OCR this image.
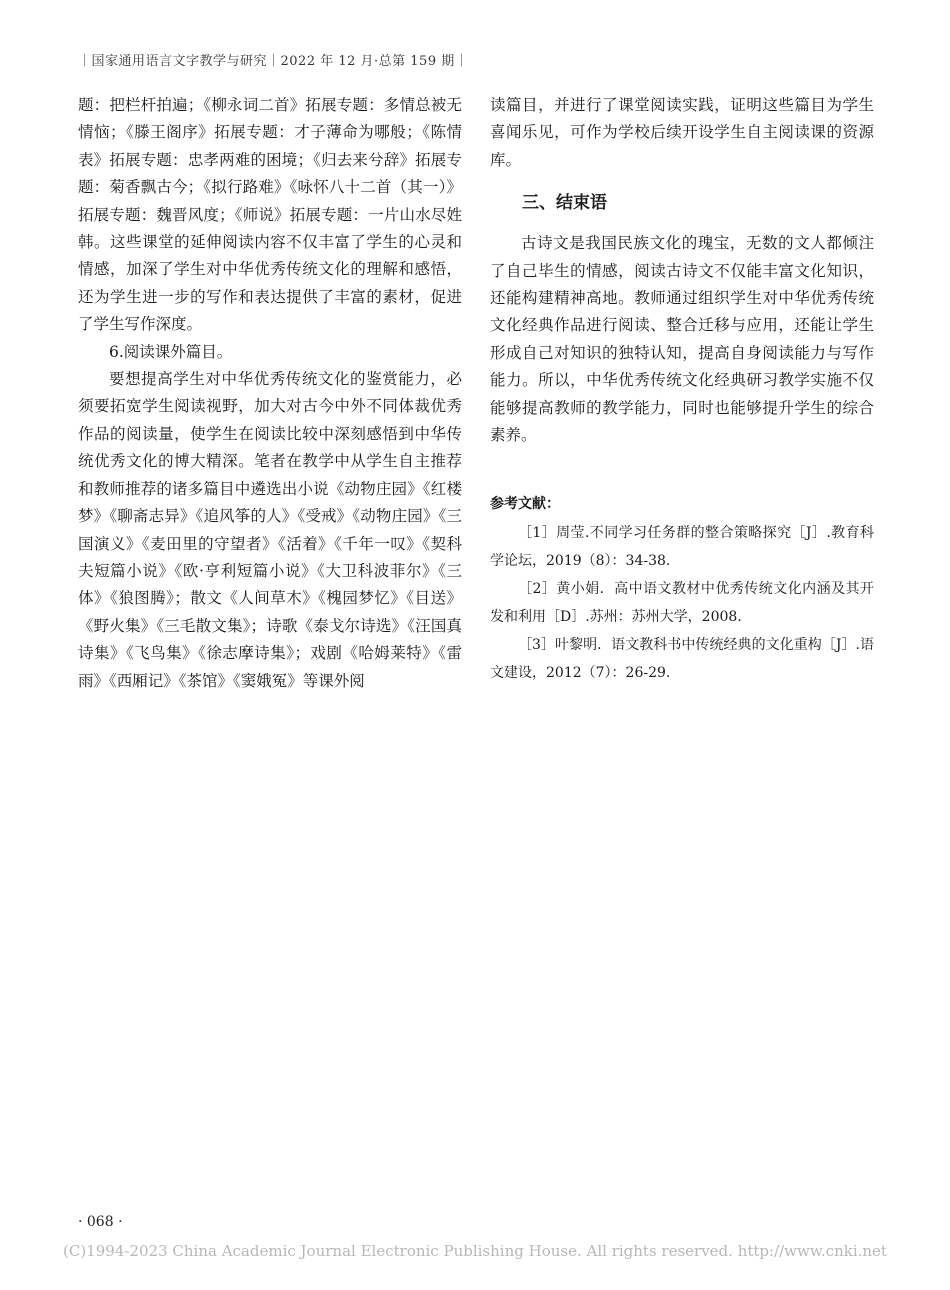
｜国家通用语言文字教学与研究｜2022 年 12 月·总第 159 期｜

题：把栏杆拍遍；《柳永词二首》拓展专题：多情总被无情恼；《滕王阁序》拓展专题：才子薄命为哪般；《陈情表》拓展专题：忠孝两难的困境；《归去来兮辞》拓展专题：菊香飘古今；《拟行路难》《咏怀八十二首（其一）》拓展专题：魏晋风度；《师说》拓展专题：一片山水尽姓韩。这些课堂的延伸阅读内容不仅丰富了学生的心灵和情感，加深了学生对中华优秀传统文化的理解和感悟，还为学生进一步的写作和表达提供了丰富的素材，促进了学生写作深度。

6.阅读课外篇目。

要想提高学生对中华优秀传统文化的鉴赏能力，必须要拓宽学生阅读视野，加大对古今中外不同体裁优秀作品的阅读量，使学生在阅读比较中深刻感悟到中华传统优秀文化的博大精深。笔者在教学中从学生自主推荐和教师推荐的诸多篇目中遴选出小说《动物庄园》《红楼梦》《聊斋志异》《追风筝的人》《受戒》《动物庄园》《三国演义》《麦田里的守望者》《活着》《千年一叹》《契科夫短篇小说》《欧·亨利短篇小说》《大卫科波菲尔》《三体》《狼图腾》；散文《人间草木》《槐园梦忆》《目送》《野火集》《三毛散文集》；诗歌《泰戈尔诗选》《汪国真诗集》《飞鸟集》《徐志摩诗集》；戏剧《哈姆莱特》《雷雨》《西厢记》《茶馆》《窦娥冤》等课外阅

读篇目，并进行了课堂阅读实践，证明这些篇目为学生喜闻乐见，可作为学校后续开设学生自主阅读课的资源库。

三、结束语

古诗文是我国民族文化的瑰宝，无数的文人都倾注了自己毕生的情感，阅读古诗文不仅能丰富文化知识，还能构建精神高地。教师通过组织学生对中华优秀传统文化经典作品进行阅读、整合迁移与应用，还能让学生形成自己对知识的独特认知，提高自身阅读能力与写作能力。所以，中华优秀传统文化经典研习教学实施不仅能够提高教师的教学能力，同时也能够提升学生的综合素养。

参考文献：

［1］周莹.不同学习任务群的整合策略探究［J］.教育科学论坛，2019（8）：34-38.

［2］黄小娟．高中语文教材中优秀传统文化内涵及其开发和利用［D］.苏州：苏州大学，2008.

［3］叶黎明．语文教科书中传统经典的文化重构［J］.语文建设，2012（7）：26-29.

· 068 ·
(C)1994-2023 China Academic Journal Electronic Publishing House. All rights reserved. http://www.cnki.net
